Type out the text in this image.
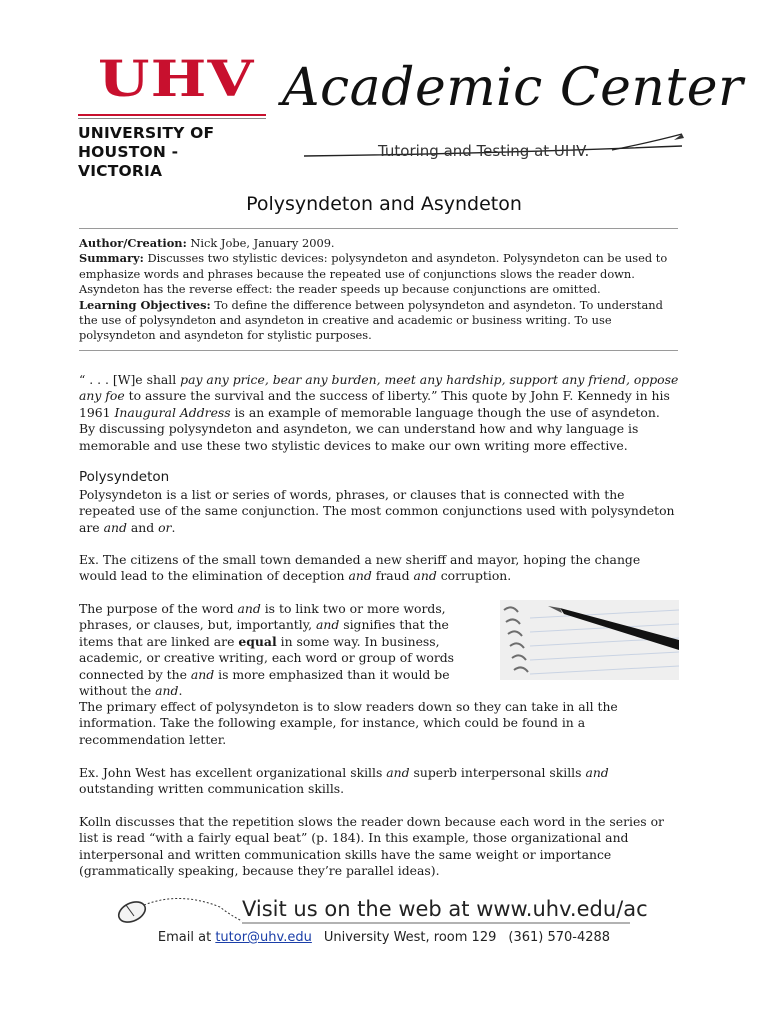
UHV
UNIVERSITY OF
HOUSTON - VICTORIA
Academic Center
Tutoring and Testing at UHV.
Polysyndeton and Asyndeton
Author/Creation: Nick Jobe, January 2009.
Summary: Discusses two stylistic devices: polysyndeton and asyndeton. Polysyndeton can be used to emphasize words and phrases because the repeated use of conjunctions slows the reader down. Asyndeton has the reverse effect: the reader speeds up because conjunctions are omitted.
Learning Objectives: To define the difference between polysyndeton and asyndeton. To understand the use of polysyndeton and asyndeton in creative and academic or business writing. To use polysyndeton and asyndeton for stylistic purposes.
“ . . . [W]e shall pay any price, bear any burden, meet any hardship, support any friend, oppose any foe to assure the survival and the success of liberty.” This quote by John F. Kennedy in his 1961 Inaugural Address is an example of memorable language though the use of asyndeton. By discussing polysyndeton and asyndeton, we can understand how and why language is memorable and use these two stylistic devices to make our own writing more effective.
Polysyndeton
Polysyndeton is a list or series of words, phrases, or clauses that is connected with the repeated use of the same conjunction. The most common conjunctions used with polysyndeton are and and or.
Ex. The citizens of the small town demanded a new sheriff and mayor, hoping the change would lead to the elimination of deception and fraud and corruption.
The purpose of the word and is to link two or more words, phrases, or clauses, but, importantly, and signifies that the items that are linked are equal in some way. In business, academic, or creative writing, each word or group of words connected by the and is more emphasized than it would be without the and.
The primary effect of polysyndeton is to slow readers down so they can take in all the information. Take the following example, for instance, which could be found in a recommendation letter.
Ex. John West has excellent organizational skills and superb interpersonal skills and outstanding written communication skills.
Kolln discusses that the repetition slows the reader down because each word in the series or list is read “with a fairly equal beat” (p. 184). In this example, those organizational and interpersonal and written communication skills have the same weight or importance (grammatically speaking, because they’re parallel ideas).
Visit us on the web at www.uhv.edu/ac
Email at tutor@uhv.edu University West, room 129 (361) 570-4288
